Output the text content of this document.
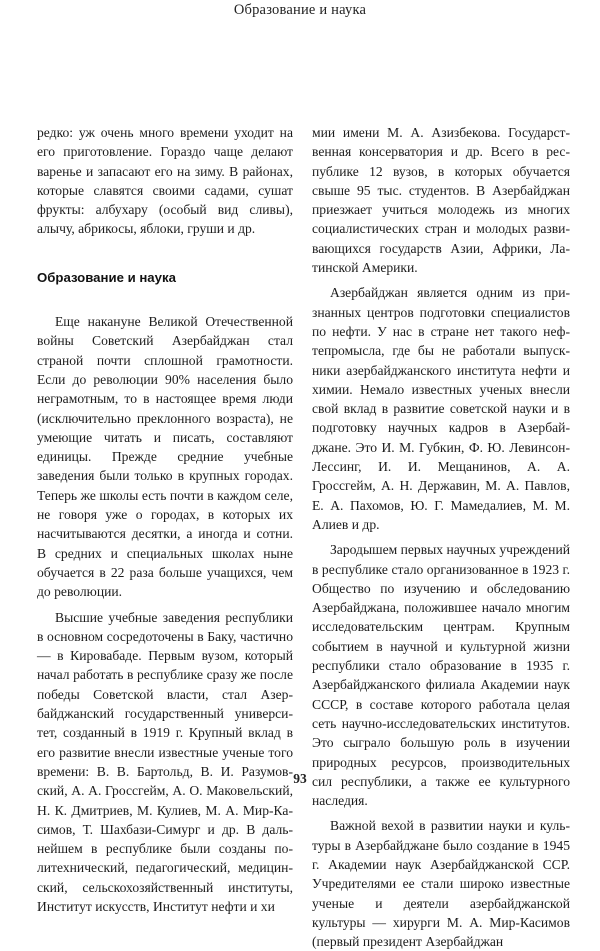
Образование и наука

редко: уж очень много времени уходит на его приготовление. Гораздо чаще делают варенье и запасают его на зиму. В районах, которые славятся своими садами, сушат фрукты: албухару (особый вид сливы), алычу, абрикосы, яблоки, груши и др.

Образование и наука

Еще накануне Великой Отечественной войны Советский Азербайджан стал страной почти сплошной грамотности. Если до революции 90% населения было неграмотным, то в настоящее время люди (исключительно преклонного возраста), не умеющие читать и писать, составляют единицы. Прежде средние учебные заведения были только в крупных городах. Теперь же школы есть почти в каждом селе, не говоря уже о городах, в которых их насчитываются десятки, а иногда и сотни. В средних и специальных школах ныне обучается в 22 раза больше учащихся, чем до революции.

Высшие учебные заведения республики в основном сосредоточены в Баку, частично — в Кировабаде. Первым вузом, который начал работать в республике сразу же после победы Советской власти, стал Азербайджанский государственный университет, созданный в 1919 г. Крупный вклад в его развитие внесли известные ученые того времени: В. В. Бартольд, В. И. Разумовский, А. А. Гроссгейм, А. О. Маковельский, Н. К. Дмитриев, М. Кулиев, М. А. Мир-Касимов, Т. Шахбази-Симург и др. В дальнейшем в республике были созданы политехнический, педагогический, медицинский, сельскохозяйственный институты, Институт искусств, Институт нефти и хи

мии имени М. А. Азизбекова. Государственная консерватория и др. Всего в республике 12 вузов, в которых обучается свыше 95 тыс. студентов. В Азербайджан приезжает учиться молодежь из многих социалистических стран и молодых развивающихся государств Азии, Африки, Латинской Америки.

Азербайджан является одним из признанных центров подготовки специалистов по нефти. У нас в стране нет такого нефтепромысла, где бы не работали выпускники азербайджанского института нефти и химии. Немало известных ученых внесли свой вклад в развитие советской науки и в подготовку научных кадров в Азербайджане. Это И. М. Губкин, Ф. Ю. Левинсон-Лессинг, И. И. Мещанинов, А. А. Гроссгейм, А. Н. Державин, М. А. Павлов, Е. А. Пахомов, Ю. Г. Мамедалиев, М. М. Алиев и др.

Зародышем первых научных учреждений в республике стало организованное в 1923 г. Общество по изучению и обследованию Азербайджана, положившее начало многим исследовательским центрам. Крупным событием в научной и культурной жизни республики стало образование в 1935 г. Азербайджанского филиала Академии наук СССР, в составе которого работала целая сеть научно-исследовательских институтов. Это сыграло большую роль в изучении природных ресурсов, производительных сил республики, а также ее культурного наследия.

Важной вехой в развитии науки и культуры в Азербайджане было создание в 1945 г. Академии наук Азербайджанской ССР. Учредителями ее стали широко известные ученые и деятели азербайджанской культуры — хирурги М. А. Мир-Касимов (первый президент Азербайджан

93
